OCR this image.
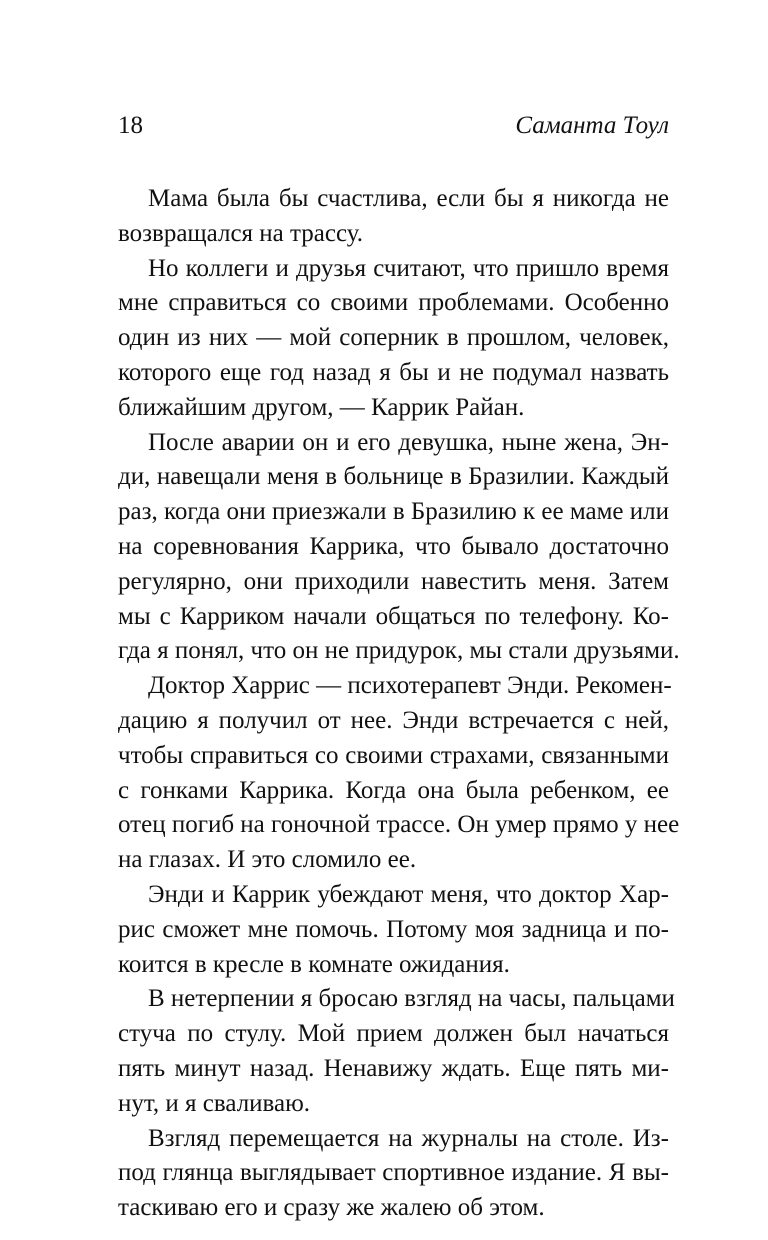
18	Саманта Тоул
Мама была бы счастлива, если бы я никогда не
возвращался на трассу.
Но коллеги и друзья считают, что пришло время
мне справиться со своими проблемами. Особенно
один из них — мой соперник в прошлом, человек,
которого еще год назад я бы и не подумал назвать
ближайшим другом, — Каррик Райан.
После аварии он и его девушка, ныне жена, Эн-
ди, навещали меня в больнице в Бразилии. Каждый
раз, когда они приезжали в Бразилию к ее маме или
на соревнования Каррика, что бывало достаточно
регулярно, они приходили навестить меня. Затем
мы с Карриком начали общаться по телефону. Ко-
гда я понял, что он не придурок, мы стали друзьями.
Доктор Харрис — психотерапевт Энди. Рекомен-
дацию я получил от нее. Энди встречается с ней,
чтобы справиться со своими страхами, связанными
с гонками Каррика. Когда она была ребенком, ее
отец погиб на гоночной трассе. Он умер прямо у нее
на глазах. И это сломило ее.
Энди и Каррик убеждают меня, что доктор Хар-
рис сможет мне помочь. Потому моя задница и по-
коится в кресле в комнате ожидания.
В нетерпении я бросаю взгляд на часы, пальцами
стуча по стулу. Мой прием должен был начаться
пять минут назад. Ненавижу ждать. Еще пять ми-
нут, и я сваливаю.
Взгляд перемещается на журналы на столе. Из-
под глянца выглядывает спортивное издание. Я вы-
таскиваю его и сразу же жалею об этом.
